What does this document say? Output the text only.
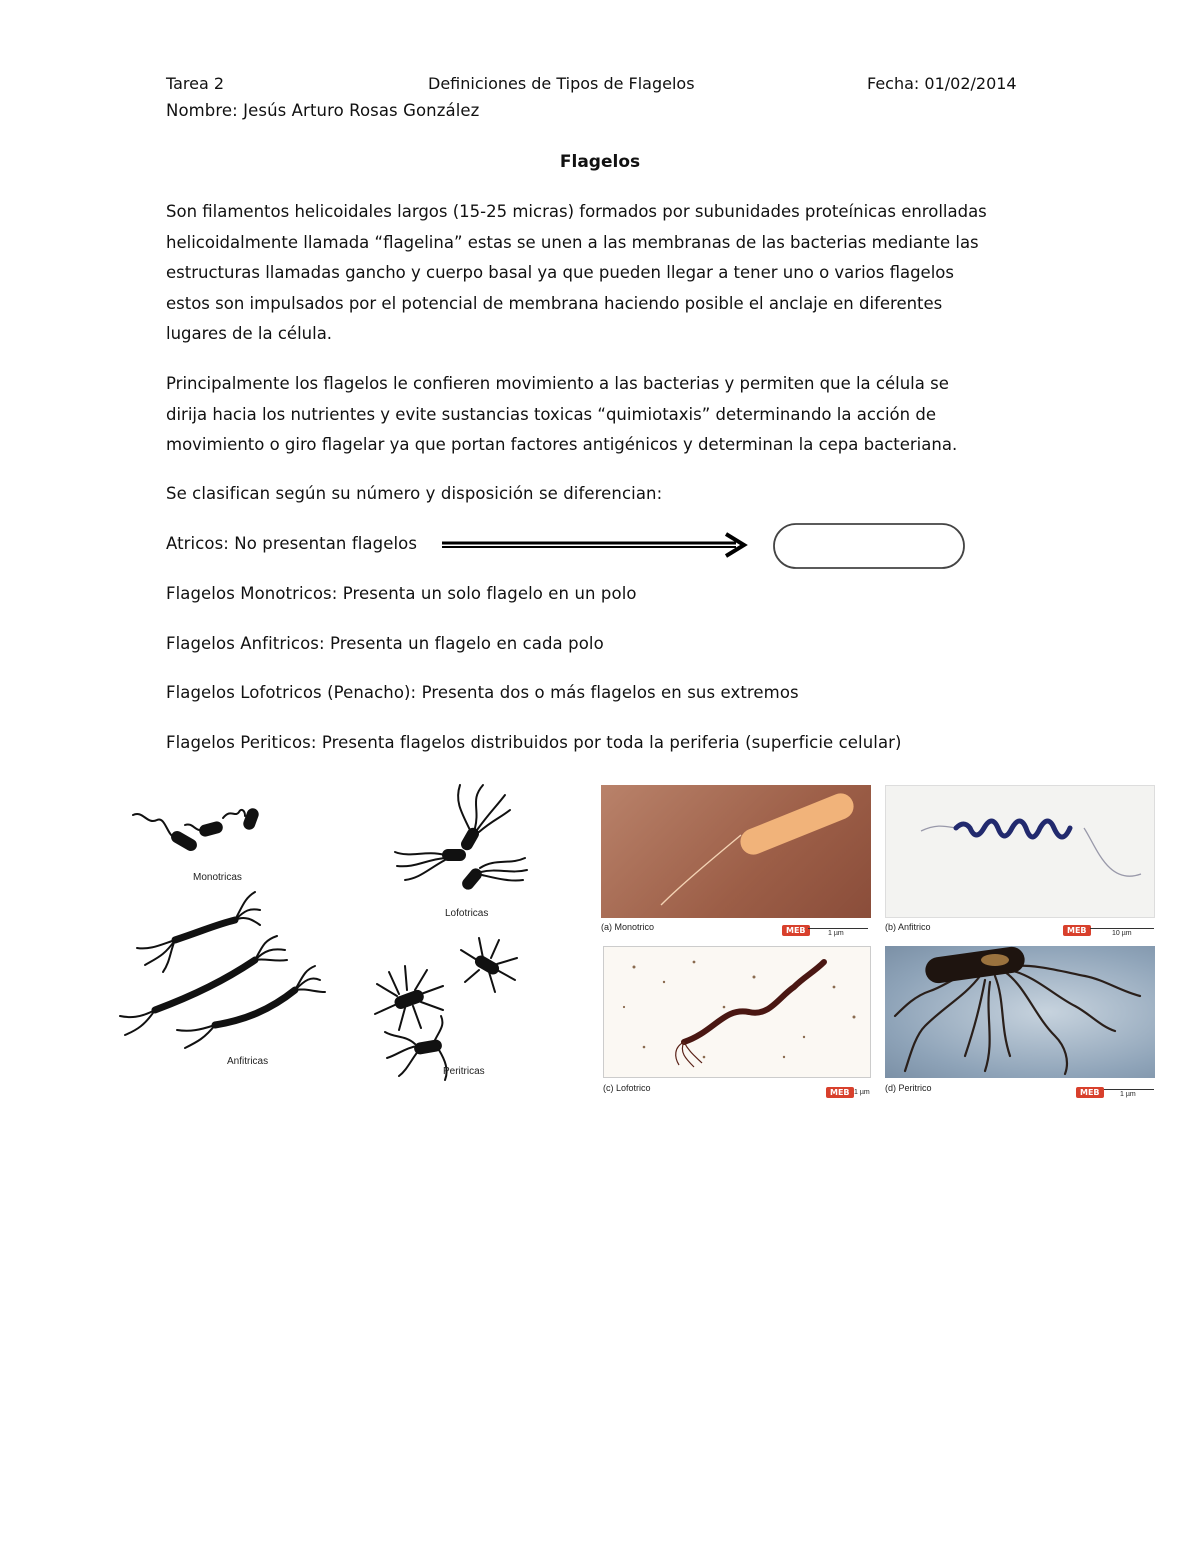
Tarea 2	Definiciones de Tipos de Flagelos	Fecha: 01/02/2014
Nombre: Jesús Arturo Rosas González
Flagelos
Son filamentos helicoidales largos (15-25 micras) formados por subunidades proteínicas enrolladas
helicoidalmente llamada “flagelina” estas se unen a las membranas de las bacterias mediante las
estructuras llamadas gancho y cuerpo basal ya que pueden llegar a tener uno o varios flagelos
estos son impulsados por el potencial de membrana haciendo posible el anclaje en diferentes
lugares de la célula.
Principalmente los flagelos le confieren movimiento a las bacterias y permiten que la célula se
dirija hacia los nutrientes y evite sustancias toxicas “quimiotaxis” determinando la acción de
movimiento o giro flagelar ya que portan factores antigénicos y determinan la cepa bacteriana.
Se clasifican según su número y disposición se diferencian:
Atricos: No presentan flagelos
Flagelos Monotricos: Presenta un solo flagelo en un polo
Flagelos Anfitricos: Presenta un flagelo en cada polo
Flagelos Lofotricos (Penacho): Presenta dos o más flagelos en sus extremos
Flagelos Periticos: Presenta flagelos distribuidos por toda la periferia (superficie celular)
Monotricas
Lofotricas
Anfitricas
Peritricas
(a) Monotrico	MEB	1 µm
(b) Anfitrico	MEB	10 µm
(c) Lofotrico	MEB 1 µm (d) Peritrico	MEB	1 µm
